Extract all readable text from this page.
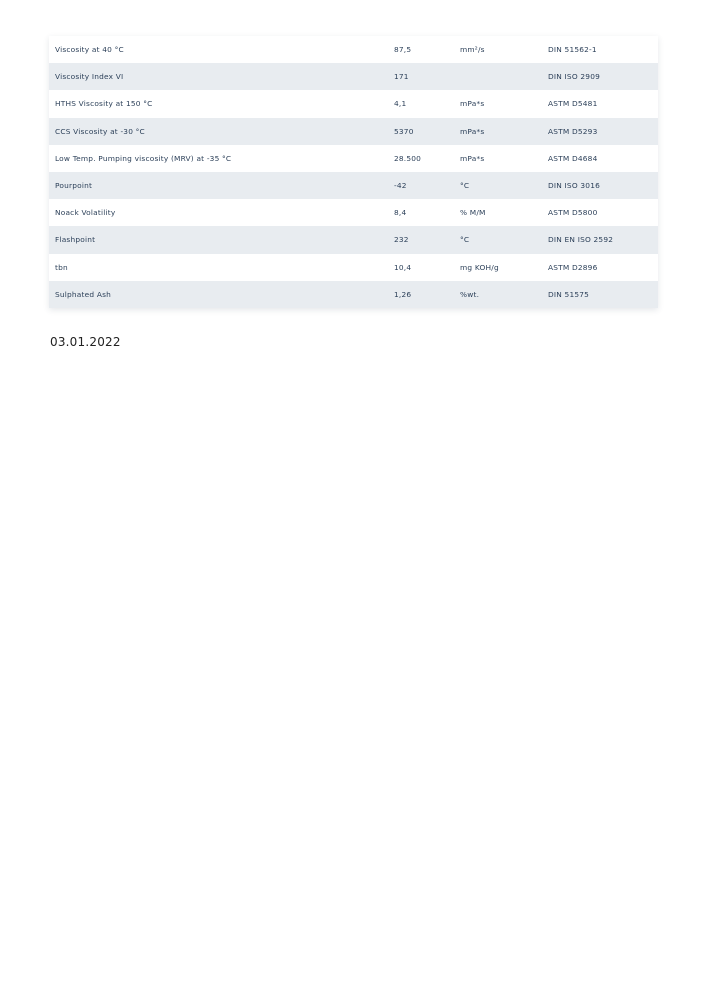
Viscosity at 40 °C	87,5	mm²/s	DIN 51562-1
Viscosity Index VI	171		DIN ISO 2909
HTHS Viscosity at 150 °C	4,1	mPa*s	ASTM D5481
CCS Viscosity at -30 °C	5370	mPa*s	ASTM D5293
Low Temp. Pumping viscosity (MRV) at -35 °C	28.500	mPa*s	ASTM D4684
Pourpoint	-42	°C	DIN ISO 3016
Noack Volatility	8,4	% M/M	ASTM D5800
Flashpoint	232	°C	DIN EN ISO 2592
tbn	10,4	mg KOH/g	ASTM D2896
Sulphated Ash	1,26	%wt.	DIN 51575
03.01.2022
